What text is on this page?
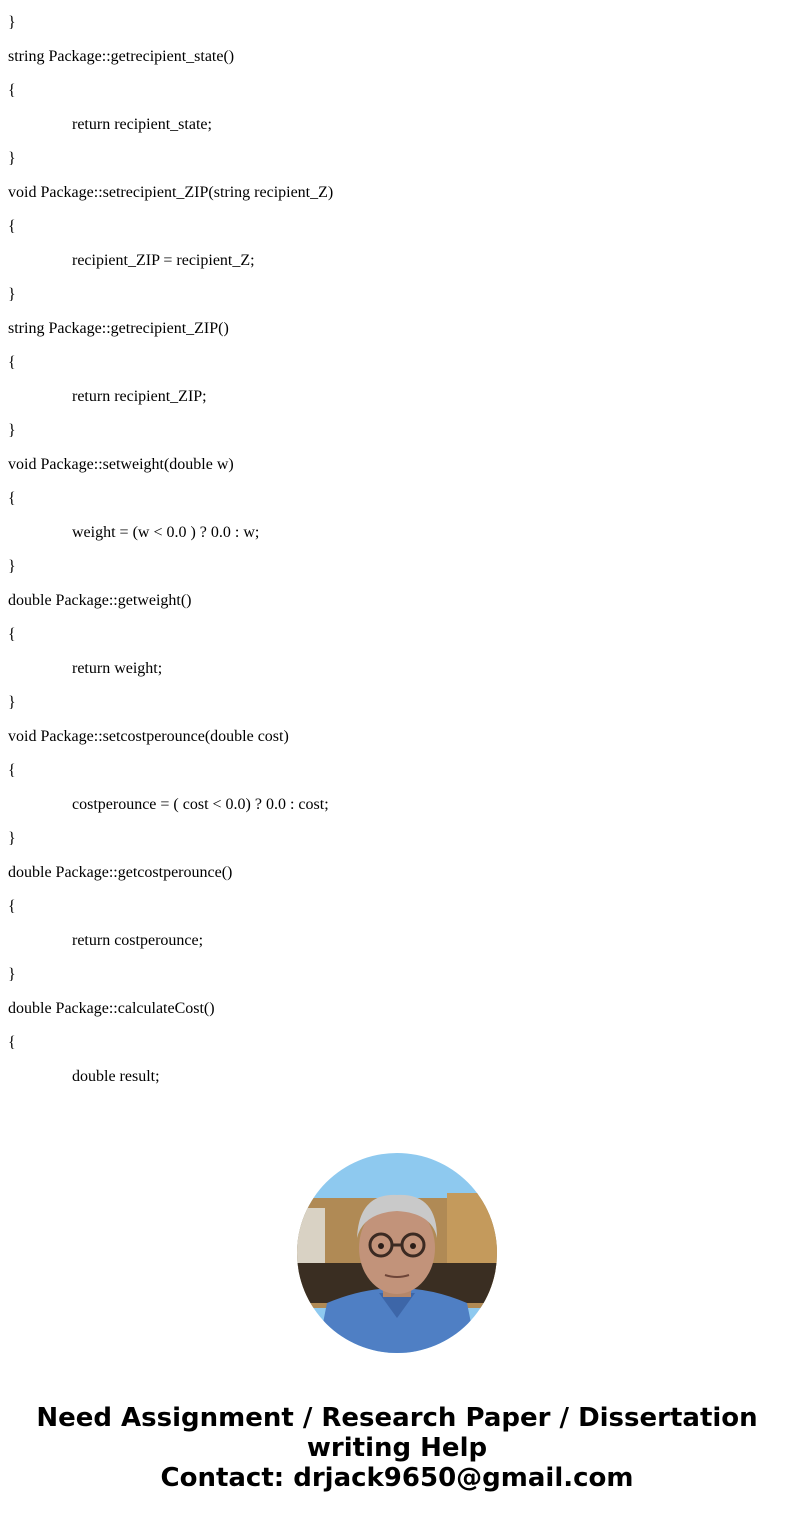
}
string Package::getrecipient_state()
{
return recipient_state;
}
void Package::setrecipient_ZIP(string recipient_Z)
{
recipient_ZIP = recipient_Z;
}
string Package::getrecipient_ZIP()
{
return recipient_ZIP;
}
void Package::setweight(double w)
{
weight = (w < 0.0 ) ? 0.0 : w;
}
double Package::getweight()
{
return weight;
}
void Package::setcostperounce(double cost)
{
costperounce = ( cost < 0.0) ? 0.0 : cost;
}
double Package::getcostperounce()
{
return costperounce;
}
double Package::calculateCost()
{
double result;
Need Assignment / Research Paper / Dissertation
writing Help
Contact: drjack9650@gmail.com
